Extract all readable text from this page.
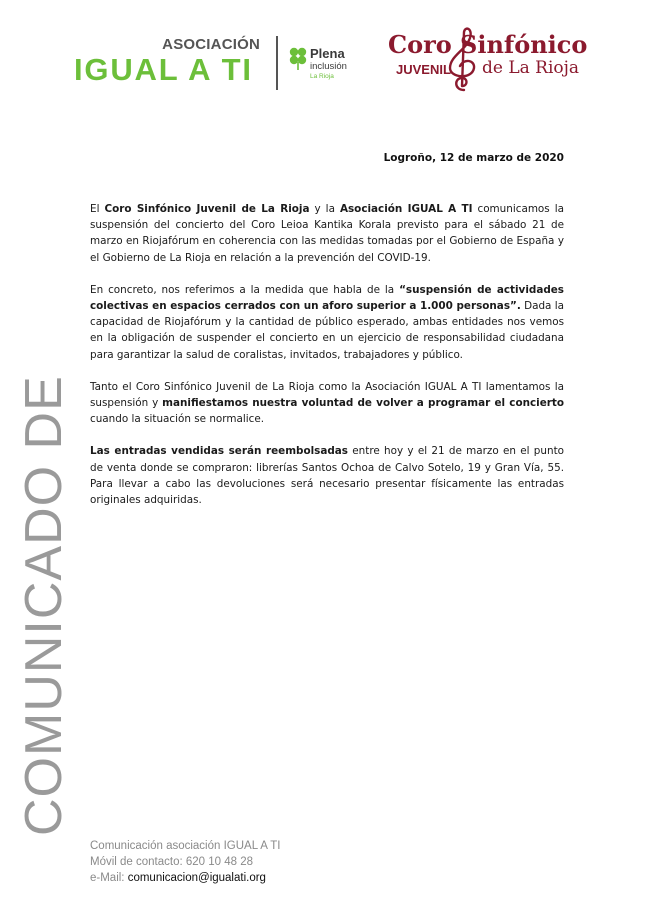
ASOCIACIÓN
IGUAL A TI	Plena
inclusión
La Rioja
Coro Sinfónico
JUVENIL de La Rioja
Logroño, 12 de marzo de 2020

El Coro Sinfónico Juvenil de La Rioja y la Asociación IGUAL A TI comunicamos la suspensión del concierto del Coro Leioa Kantika Korala previsto para el sábado 21 de marzo en Riojafórum en coherencia con las medidas tomadas por el Gobierno de España y el Gobierno de La Rioja en relación a la prevención del COVID-19.

En concreto, nos referimos a la medida que habla de la “suspensión de actividades colectivas en espacios cerrados con un aforo superior a 1.000 personas”. Dada la capacidad de Riojafórum y la cantidad de público esperado, ambas entidades nos vemos en la obligación de suspender el concierto en un ejercicio de responsabilidad ciudadana para garantizar la salud de coralistas, invitados, trabajadores y público.

Tanto el Coro Sinfónico Juvenil de La Rioja como la Asociación IGUAL A TI lamentamos la suspensión y manifiestamos nuestra voluntad de volver a programar el concierto cuando la situación se normalice.

Las entradas vendidas serán reembolsadas entre hoy y el 21 de marzo en el punto de venta donde se compraron: librerías Santos Ochoa de Calvo Sotelo, 19 y Gran Vía, 55. Para llevar a cabo las devoluciones será necesario presentar físicamente las entradas originales adquiridas.

COMUNICADO DE
Comunicación asociación IGUAL A TI
Móvil de contacto: 620 10 48 28
e-Mail: comunicacion@igualati.org
